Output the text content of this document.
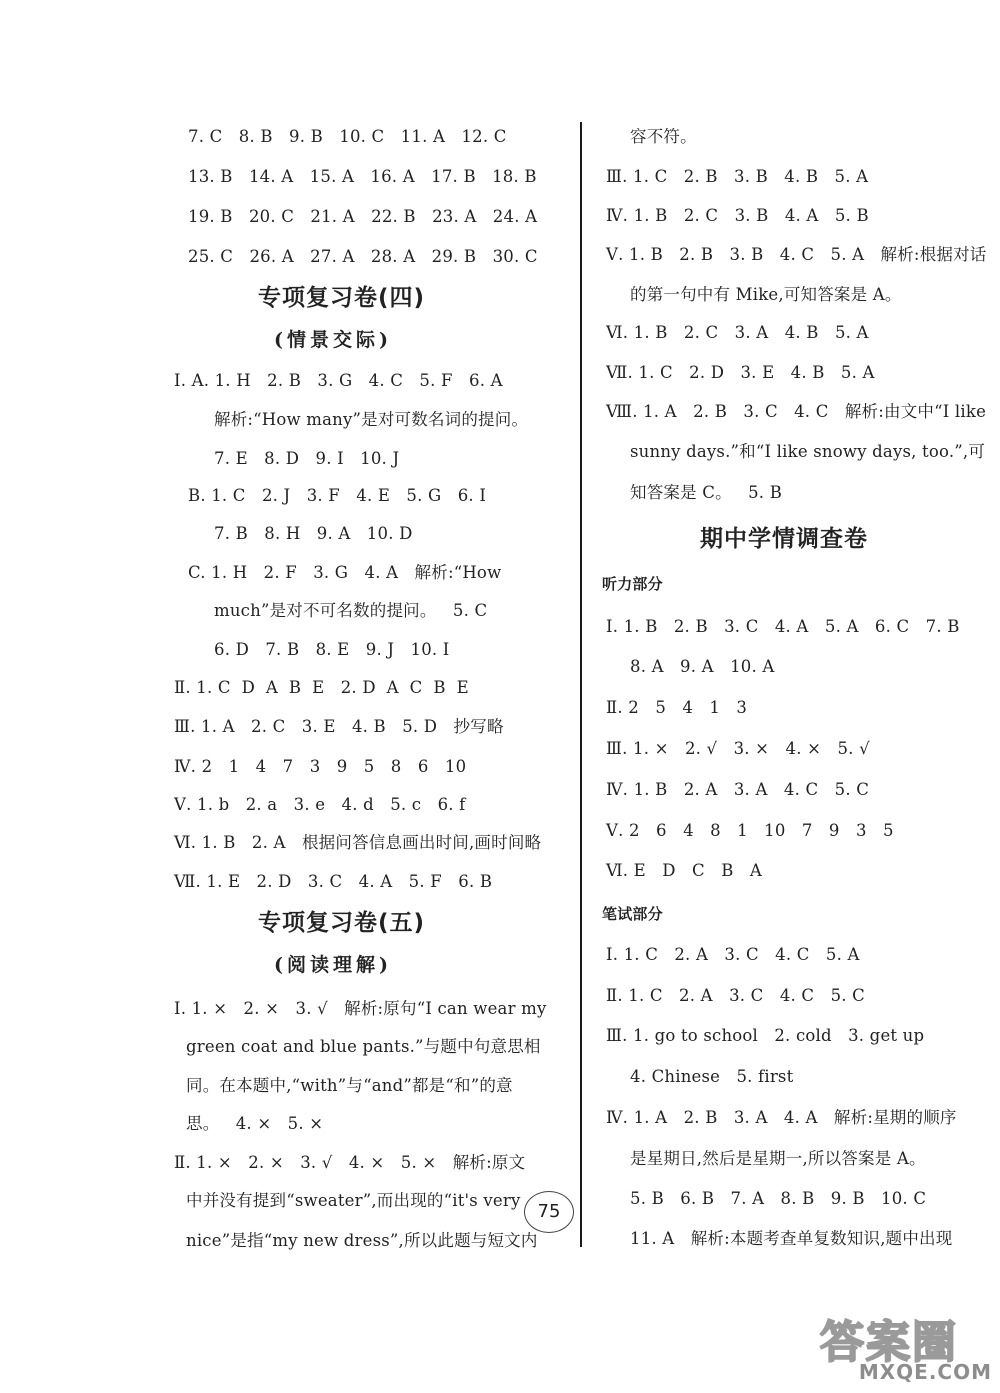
7. C   8. B   9. B   10. C   11. A   12. C
13. B   14. A   15. A   16. A   17. B   18. B
19. B   20. C   21. A   22. B   23. A   24. A
25. C   26. A   27. A   28. A   29. B   30. C
专项复习卷(四)
(情景交际)
Ⅰ. A. 1. H   2. B   3. G   4. C   5. F   6. A
解析:“How many”是对可数名词的提问。
7. E   8. D   9. I   10. J
B. 1. C   2. J   3. F   4. E   5. G   6. I
7. B   8. H   9. A   10. D
C. 1. H   2. F   3. G   4. A   解析:“How
much”是对不可名数的提问。   5. C
6. D   7. B   8. E   9. J   10. I
Ⅱ. 1. C  D  A  B  E   2. D  A  C  B  E
Ⅲ. 1. A   2. C   3. E   4. B   5. D   抄写略
Ⅳ. 2   1   4   7   3   9   5   8   6   10
Ⅴ. 1. b   2. a   3. e   4. d   5. c   6. f
Ⅵ. 1. B   2. A   根据问答信息画出时间,画时间略
Ⅶ. 1. E   2. D   3. C   4. A   5. F   6. B
专项复习卷(五)
(阅读理解)
Ⅰ. 1. ×   2. ×   3. √   解析:原句“I can wear my
green coat and blue pants.”与题中句意思相
同。在本题中,“with”与“and”都是“和”的意
思。   4. ×   5. ×
Ⅱ. 1. ×   2. ×   3. √   4. ×   5. ×   解析:原文
中并没有提到“sweater”,而出现的“it's very
nice”是指“my new dress”,所以此题与短文内
容不符。
Ⅲ. 1. C   2. B   3. B   4. B   5. A
Ⅳ. 1. B   2. C   3. B   4. A   5. B
Ⅴ. 1. B   2. B   3. B   4. C   5. A   解析:根据对话
的第一句中有 Mike,可知答案是 A。
Ⅵ. 1. B   2. C   3. A   4. B   5. A
Ⅶ. 1. C   2. D   3. E   4. B   5. A
Ⅷ. 1. A   2. B   3. C   4. C   解析:由文中“I like
sunny days.”和“I like snowy days, too.”,可
知答案是 C。   5. B
期中学情调查卷
听力部分
Ⅰ. 1. B   2. B   3. C   4. A   5. A   6. C   7. B
8. A   9. A   10. A
Ⅱ. 2   5   4   1   3
Ⅲ. 1. ×   2. √   3. ×   4. ×   5. √
Ⅳ. 1. B   2. A   3. A   4. C   5. C
Ⅴ. 2   6   4   8   1   10   7   9   3   5
Ⅵ. E   D   C   B   A
笔试部分
Ⅰ. 1. C   2. A   3. C   4. C   5. A
Ⅱ. 1. C   2. A   3. C   4. C   5. C
Ⅲ. 1. go to school   2. cold   3. get up
4. Chinese   5. first
Ⅳ. 1. A   2. B   3. A   4. A   解析:星期的顺序
是星期日,然后是星期一,所以答案是 A。
5. B   6. B   7. A   8. B   9. B   10. C
11. A   解析:本题考查单复数知识,题中出现
75
答案圈
MXQE.COM
